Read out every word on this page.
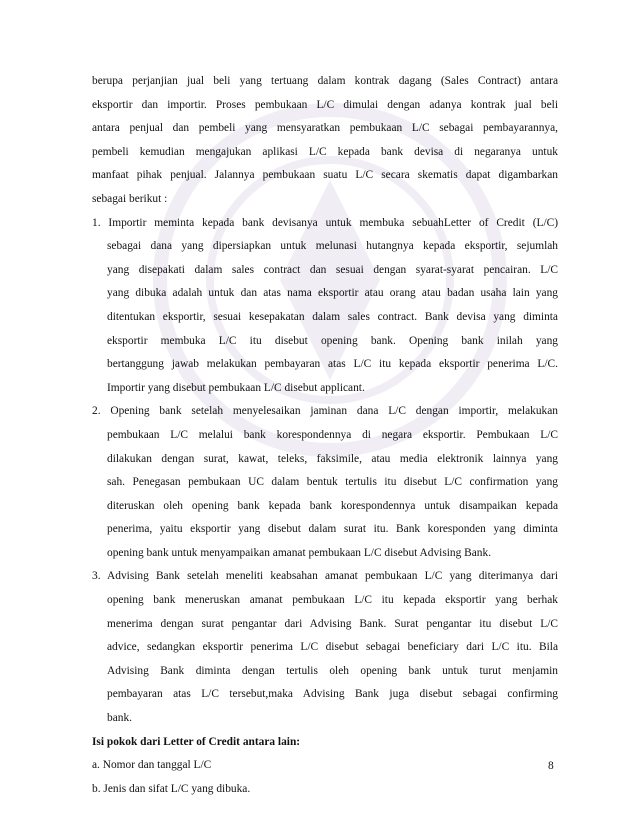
berupa perjanjian jual beli yang tertuang dalam kontrak dagang (Sales Contract) antara

eksportir dan importir. Proses pembukaan L/C dimulai dengan adanya kontrak jual beli

antara penjual dan pembeli yang mensyaratkan pembukaan L/C sebagai pembayarannya,

pembeli kemudian mengajukan aplikasi L/C kepada bank devisa di negaranya untuk

manfaat pihak penjual. Jalannya pembukaan suatu L/C secara skematis dapat digambarkan

sebagai berikut :

1. Importir meminta kepada bank devisanya untuk membuka sebuahLetter of Credit (L/C)

sebagai dana yang dipersiapkan untuk melunasi hutangnya kepada eksportir, sejumlah

yang disepakati dalam sales contract dan sesuai dengan syarat-syarat pencairan. L/C

yang dibuka adalah untuk dan atas nama eksportir atau orang atau badan usaha lain yang

ditentukan eksportir, sesuai kesepakatan dalam sales contract. Bank devisa yang diminta

eksportir membuka L/C itu disebut opening bank. Opening bank inilah yang

bertanggung jawab melakukan pembayaran atas L/C itu kepada eksportir penerima L/C.

Importir yang disebut pembukaan L/C disebut applicant.

2. Opening bank setelah menyelesaikan jaminan dana L/C dengan importir, melakukan

pembukaan L/C melalui bank korespondennya di negara eksportir. Pembukaan L/C

dilakukan dengan surat, kawat, teleks, faksimile, atau media elektronik lainnya yang

sah. Penegasan pembukaan UC dalam bentuk tertulis itu disebut L/C confirmation yang

diteruskan oleh opening bank kepada bank korespondennya untuk disampaikan kepada

penerima, yaitu eksportir yang disebut dalam surat itu. Bank koresponden yang diminta

opening bank untuk menyampaikan amanat pembukaan L/C disebut Advising Bank.

3. Advising Bank setelah meneliti keabsahan amanat pembukaan L/C yang diterimanya dari

opening bank meneruskan amanat pembukaan L/C itu kepada eksportir yang berhak

menerima dengan surat pengantar dari Advising Bank. Surat pengantar itu disebut L/C

advice, sedangkan eksportir penerima L/C disebut sebagai beneficiary dari L/C itu. Bila

Advising Bank diminta dengan tertulis oleh opening bank untuk turut menjamin

pembayaran atas L/C tersebut,maka Advising Bank juga disebut sebagai confirming

bank.

Isi pokok dari Letter of Credit antara lain:

a. Nomor dan tanggal L/C

b. Jenis dan sifat L/C yang dibuka.

8
